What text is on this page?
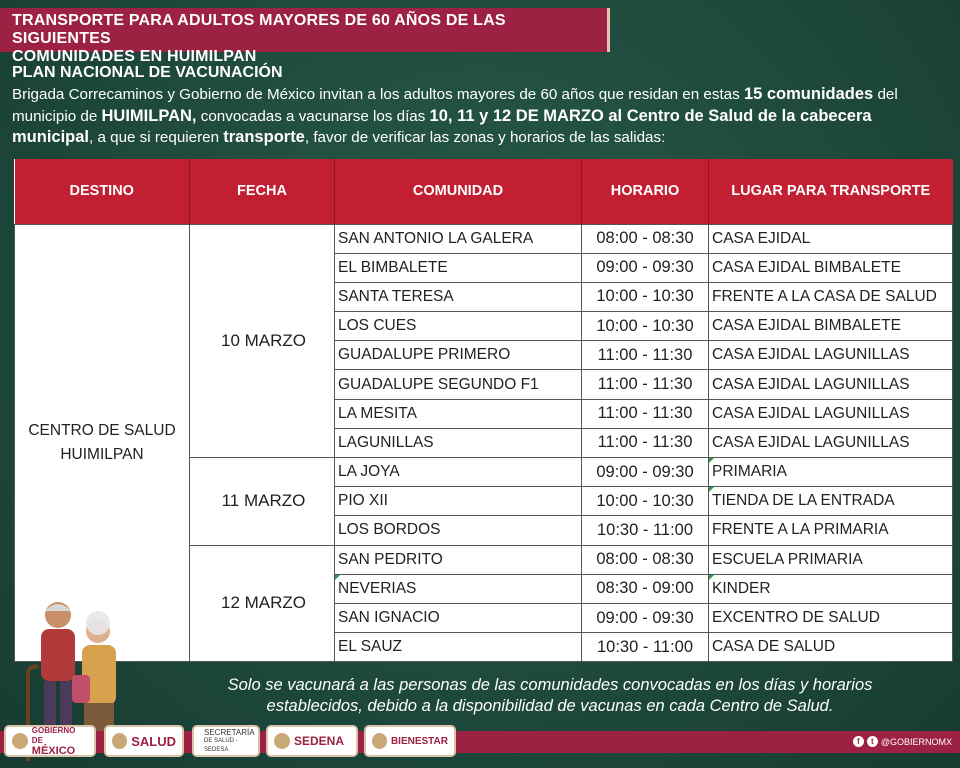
TRANSPORTE PARA ADULTOS MAYORES DE 60 AÑOS DE LAS SIGUIENTES
COMUNIDADES EN HUIMILPAN
PLAN NACIONAL DE VACUNACIÓN
Brigada Correcaminos y Gobierno de México invitan a los adultos mayores de 60 años que residan en estas 15 comunidades del municipio de HUIMILPAN, convocadas a vacunarse los días 10, 11 y 12 DE MARZO al Centro de Salud de la cabecera municipal, a que si requieren transporte, favor de verificar las zonas y horarios de las salidas:
DESTINO	FECHA	COMUNIDAD	HORARIO	LUGAR PARA TRANSPORTE

CENTRO DE SALUD
HUIMILPAN	10 MARZO	SAN ANTONIO LA GALERA	08:00 - 08:30	CASA EJIDAL
		EL BIMBALETE	09:00 - 09:30	CASA EJIDAL BIMBALETE
		SANTA TERESA	10:00 - 10:30	FRENTE A LA CASA DE SALUD
		LOS CUES	10:00 - 10:30	CASA EJIDAL BIMBALETE
		GUADALUPE PRIMERO	11:00 - 11:30	CASA EJIDAL LAGUNILLAS
		GUADALUPE SEGUNDO F1	11:00 - 11:30	CASA EJIDAL LAGUNILLAS
		LA MESITA	11:00 - 11:30	CASA EJIDAL LAGUNILLAS
		LAGUNILLAS	11:00 - 11:30	CASA EJIDAL LAGUNILLAS
	11 MARZO	LA JOYA	09:00 - 09:30	PRIMARIA
		PIO XII	10:00 - 10:30	TIENDA DE LA ENTRADA
		LOS BORDOS	10:30 - 11:00	FRENTE A LA PRIMARIA
	12 MARZO	SAN PEDRITO	08:00 - 08:30	ESCUELA PRIMARIA
		NEVERIAS	08:30 - 09:00	KINDER
		SAN IGNACIO	09:00 - 09:30	EXCENTRO DE SALUD
		EL SAUZ	10:30 - 11:00	CASA DE SALUD
Solo se vacunará a las personas de las comunidades convocadas en los días y horarios
establecidos, debido a la disponibilidad de vacunas en cada Centro de Salud.
GOBIERNO DE
MÉXICO
SALUD
SECRETARÍA
DE SALUD - SEDESA
SEDENA	BIENESTAR	f	t @GOBIERNOMX
